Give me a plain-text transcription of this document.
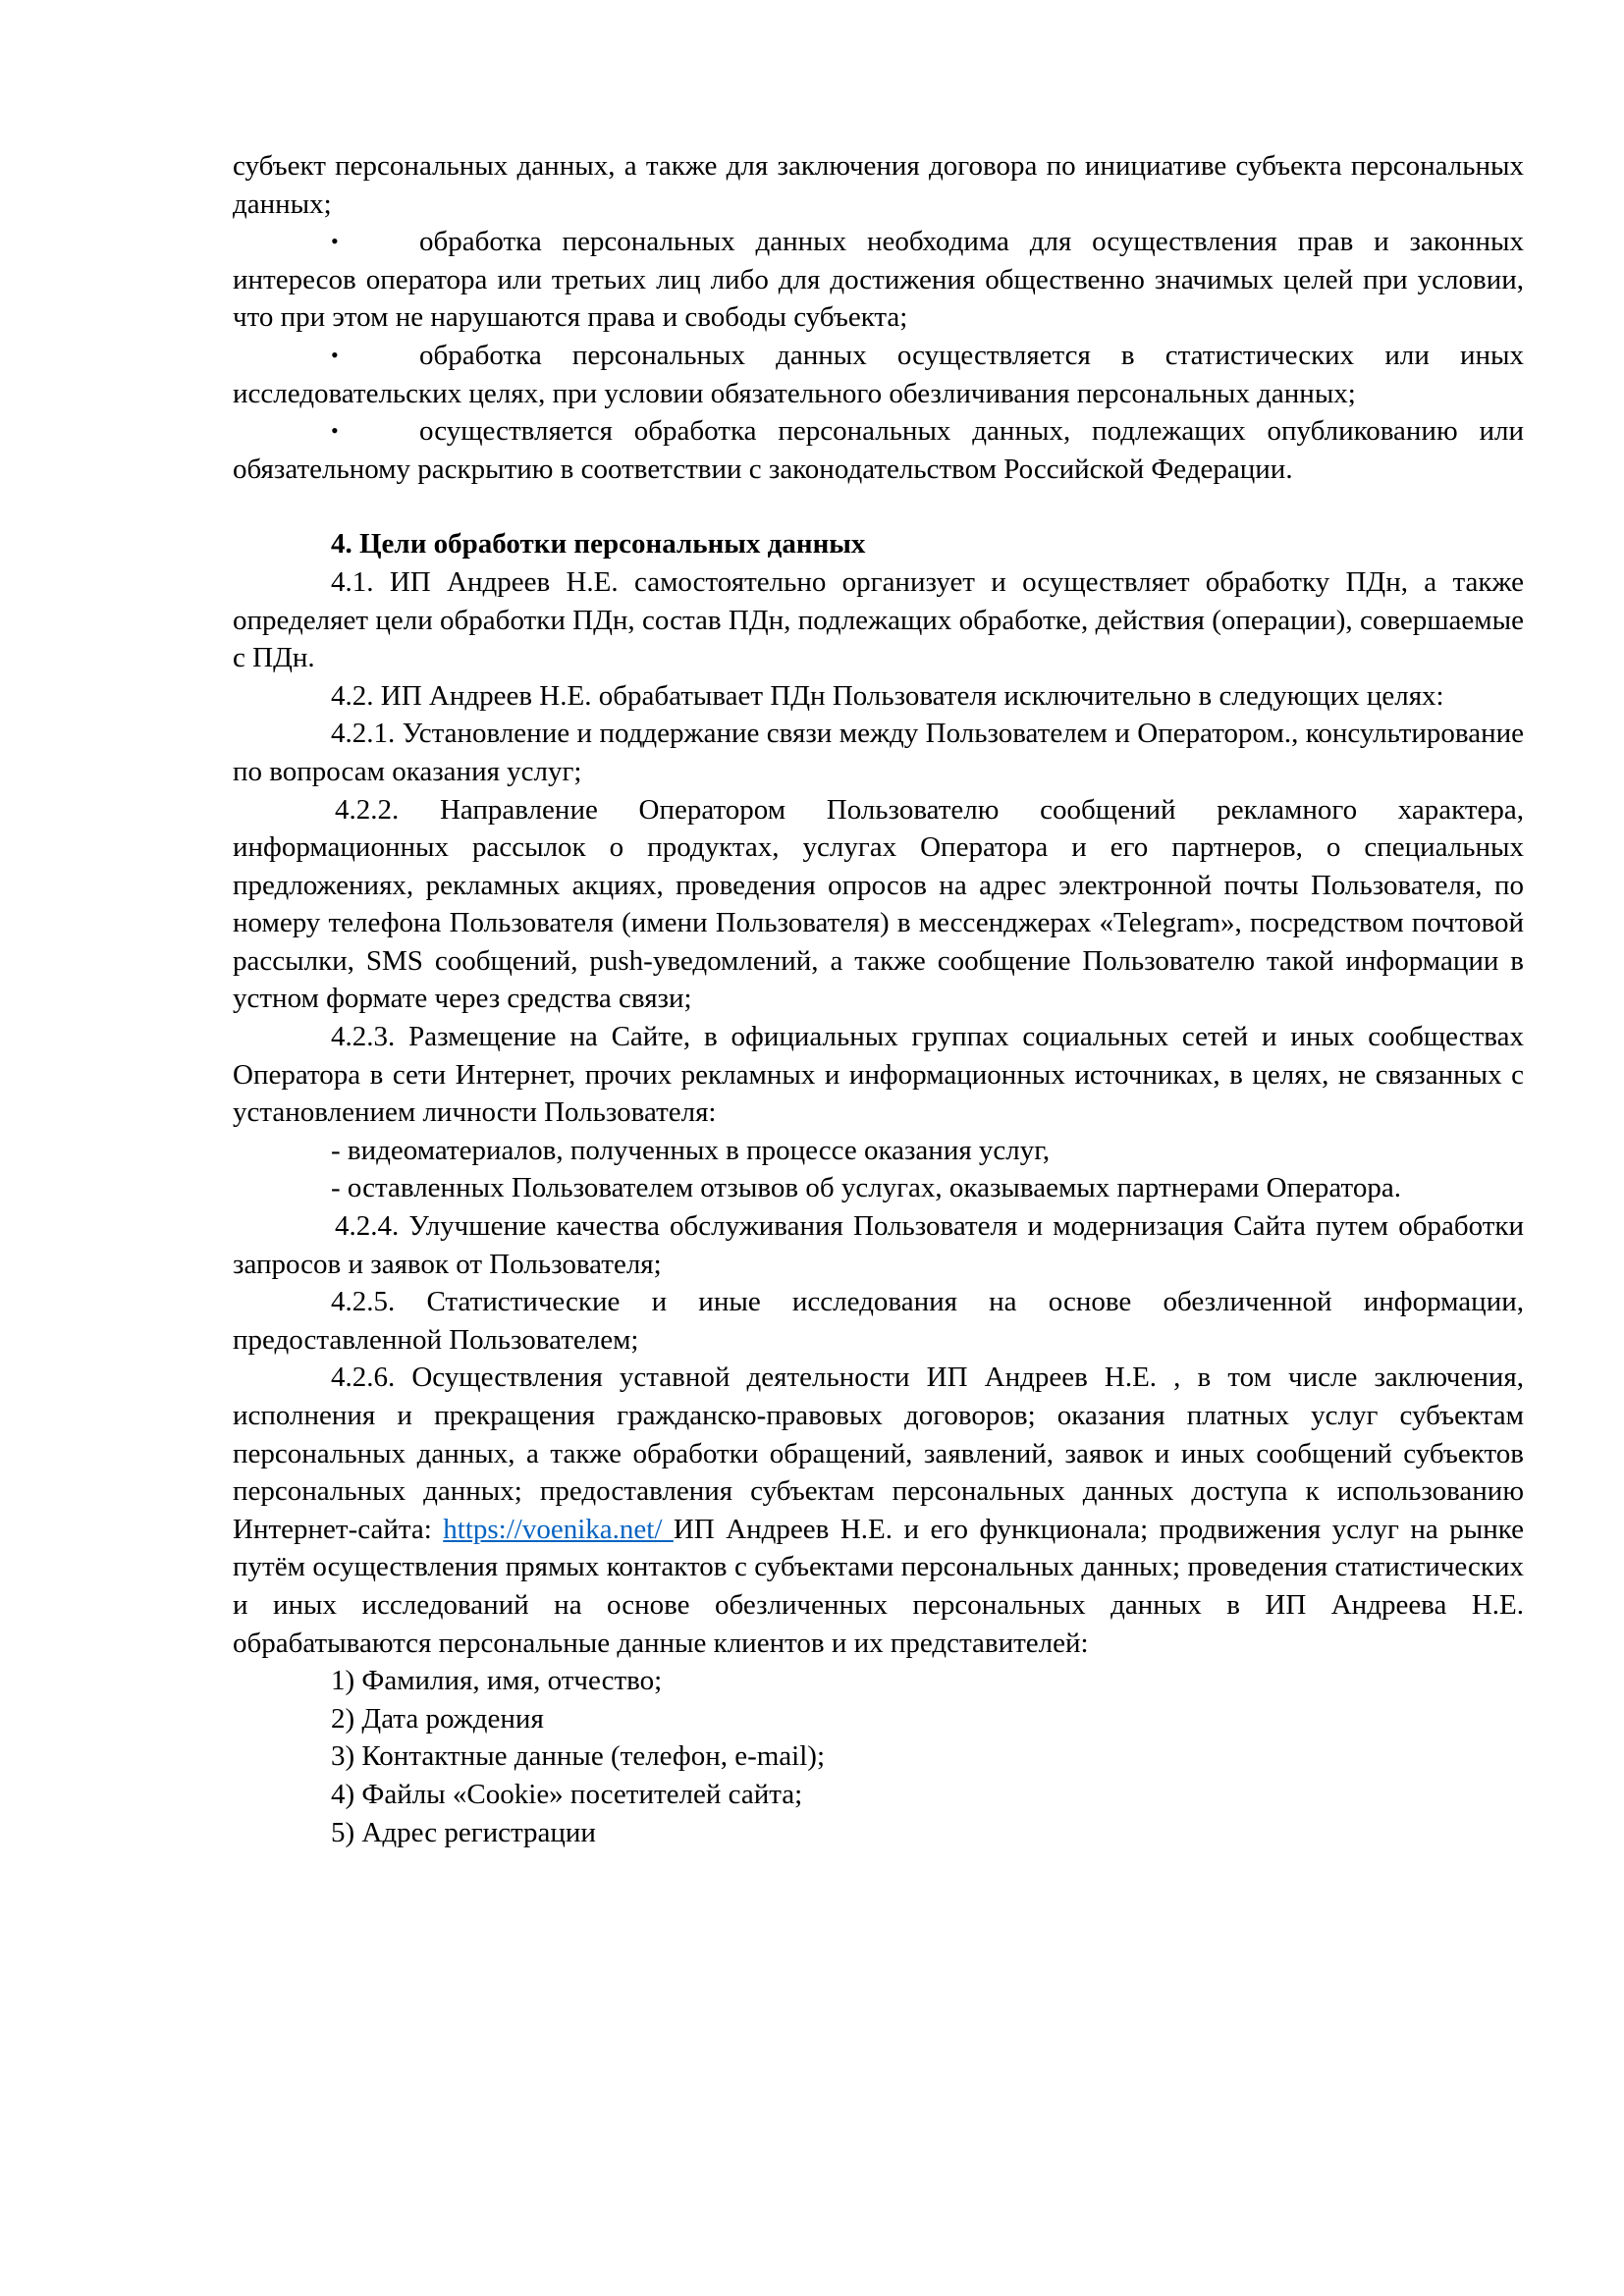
субъект персональных данных, а также для заключения договора по инициативе субъекта персональных данных;

•	обработка персональных данных необходима для осуществления прав и законных интересов оператора или третьих лиц либо для достижения общественно значимых целей при условии, что при этом не нарушаются права и свободы субъекта;

•	обработка персональных данных осуществляется в статистических или иных исследовательских целях, при условии обязательного обезличивания персональных данных;

•	осуществляется обработка персональных данных, подлежащих опубликованию или обязательному раскрытию в соответствии с законодательством Российской Федерации.

4. Цели обработки персональных данных

4.1. ИП Андреев Н.Е. самостоятельно организует и осуществляет обработку ПДн, а также определяет цели обработки ПДн, состав ПДн, подлежащих обработке, действия (операции), совершаемые с ПДн.

4.2. ИП Андреев Н.Е. обрабатывает ПДн Пользователя исключительно в следующих целях:

4.2.1. Установление и поддержание связи между Пользователем и Оператором., консультирование по вопросам оказания услуг;

4.2.2. Направление Оператором Пользователю сообщений рекламного характера, информационных рассылок о продуктах, услугах Оператора и его партнеров, о специальных предложениях, рекламных акциях, проведения опросов на адрес электронной почты Пользователя, по номеру телефона Пользователя (имени Пользователя) в мессенджерах «Telegram», посредством почтовой рассылки, SMS сообщений, push-уведомлений, а также сообщение Пользователю такой информации в устном формате через средства связи;

4.2.3. Размещение на Сайте, в официальных группах социальных сетей и иных сообществах Оператора в сети Интернет, прочих рекламных и информационных источниках, в целях, не связанных с установлением личности Пользователя:

- видеоматериалов, полученных в процессе оказания услуг,

- оставленных Пользователем отзывов об услугах, оказываемых партнерами Оператора.

4.2.4. Улучшение качества обслуживания Пользователя и модернизация Сайта путем обработки запросов и заявок от Пользователя;

4.2.5. Статистические и иные исследования на основе обезличенной информации, предоставленной Пользователем;

4.2.6. Осуществления уставной деятельности ИП Андреев Н.Е. , в том числе заключения, исполнения и прекращения гражданско-правовых договоров; оказания платных услуг субъектам персональных данных, а также обработки обращений, заявлений, заявок и иных сообщений субъектов персональных данных; предоставления субъектам персональных данных доступа к использованию Интернет-сайта: https://voenika.net/ ИП Андреев Н.Е. и его функционала; продвижения услуг на рынке путём осуществления прямых контактов с субъектами персональных данных; проведения статистических и иных исследований на основе обезличенных персональных данных в ИП Андреева Н.Е. обрабатываются персональные данные клиентов и их представителей:

1) Фамилия, имя, отчество;

2) Дата рождения

3) Контактные данные (телефон, e-mail);

4) Файлы «Cookie» посетителей сайта;

5) Адрес регистрации
